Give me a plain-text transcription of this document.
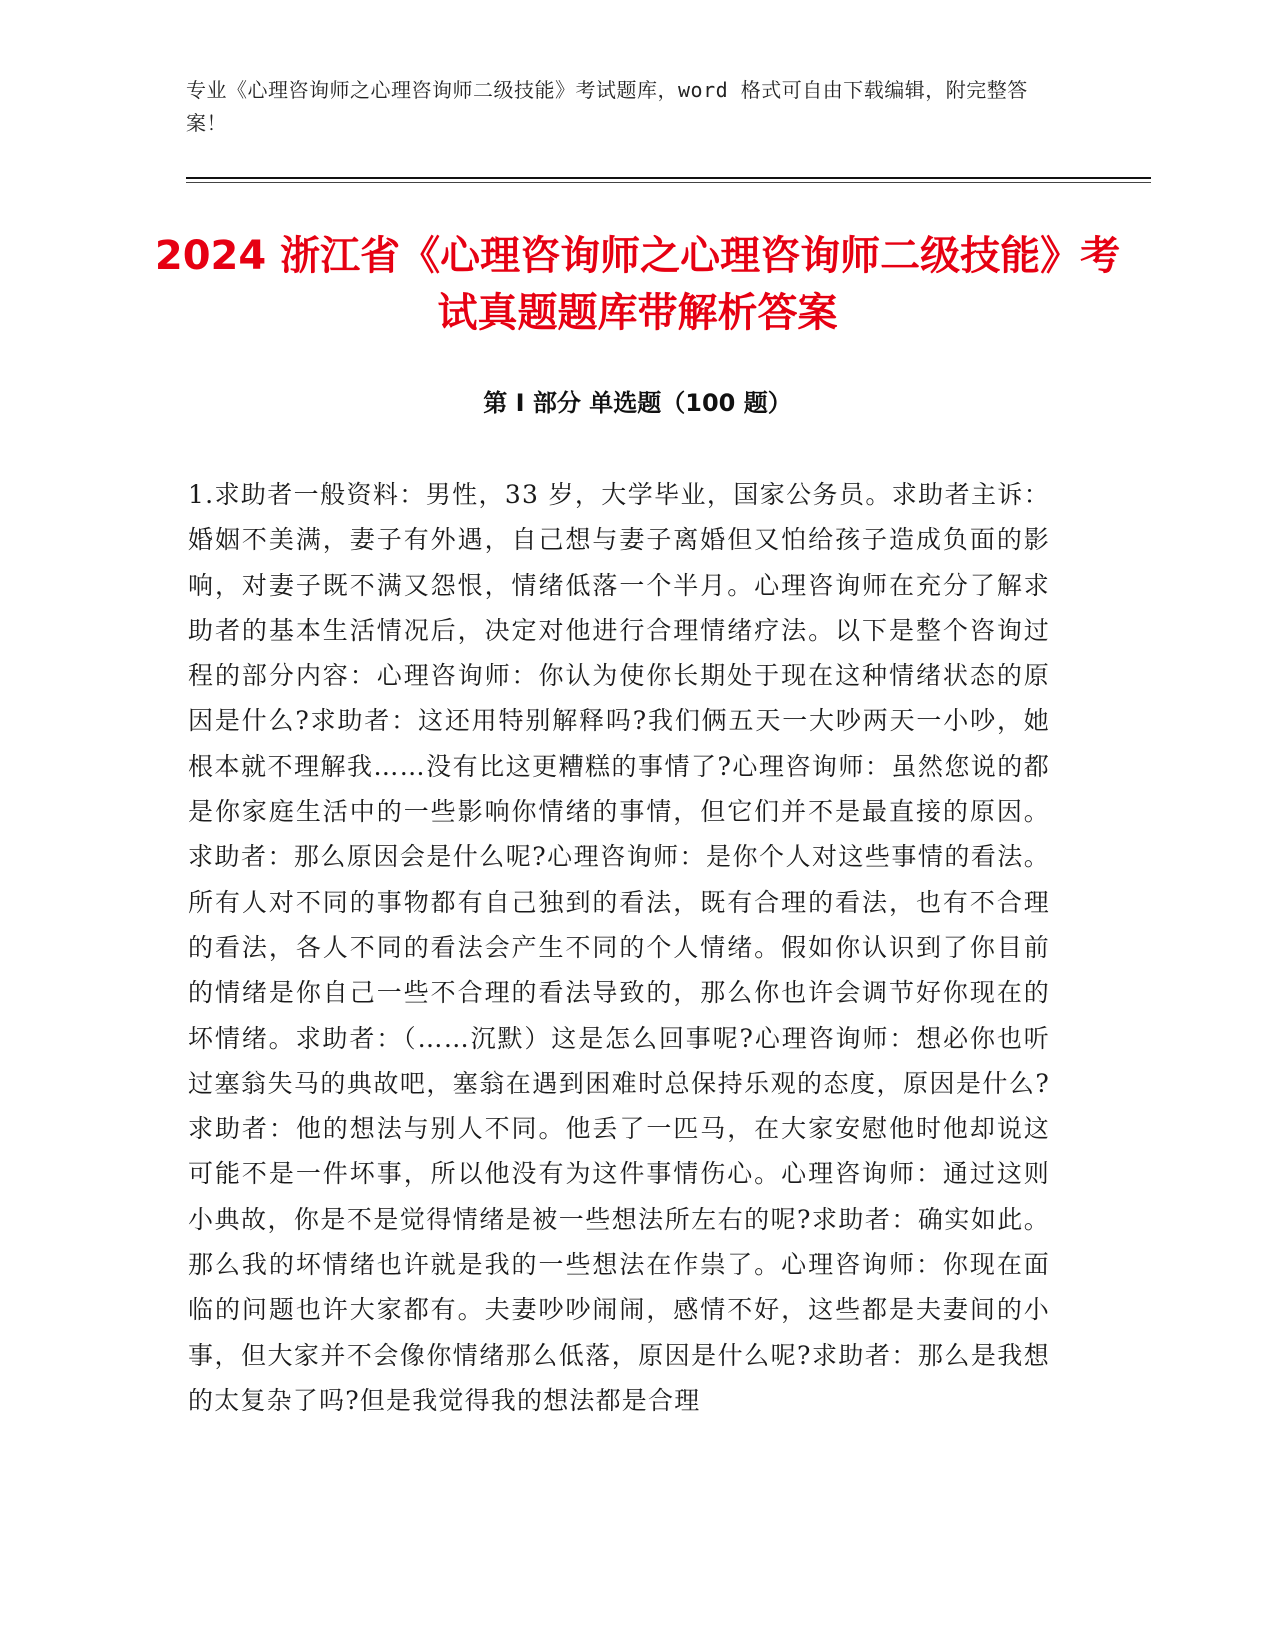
专业《心理咨询师之心理咨询师二级技能》考试题库，word 格式可自由下载编辑，附完整答案！
2024 浙江省《心理咨询师之心理咨询师二级技能》考试真题题库带解析答案
第 I 部分 单选题（100 题）
1.求助者一般资料：男性，33 岁，大学毕业，国家公务员。求助者主诉：婚姻不美满，妻子有外遇，自己想与妻子离婚但又怕给孩子造成负面的影响，对妻子既不满又怨恨，情绪低落一个半月。心理咨询师在充分了解求助者的基本生活情况后，决定对他进行合理情绪疗法。以下是整个咨询过程的部分内容：心理咨询师：你认为使你长期处于现在这种情绪状态的原因是什么?求助者：这还用特别解释吗?我们俩五天一大吵两天一小吵，她根本就不理解我……没有比这更糟糕的事情了?心理咨询师：虽然您说的都是你家庭生活中的一些影响你情绪的事情，但它们并不是最直接的原因。求助者：那么原因会是什么呢?心理咨询师：是你个人对这些事情的看法。所有人对不同的事物都有自己独到的看法，既有合理的看法，也有不合理的看法，各人不同的看法会产生不同的个人情绪。假如你认识到了你目前的情绪是你自己一些不合理的看法导致的，那么你也许会调节好你现在的坏情绪。求助者：（……沉默）这是怎么回事呢?心理咨询师：想必你也听过塞翁失马的典故吧，塞翁在遇到困难时总保持乐观的态度，原因是什么?求助者：他的想法与别人不同。他丢了一匹马，在大家安慰他时他却说这可能不是一件坏事，所以他没有为这件事情伤心。心理咨询师：通过这则小典故，你是不是觉得情绪是被一些想法所左右的呢?求助者：确实如此。那么我的坏情绪也许就是我的一些想法在作祟了。心理咨询师：你现在面临的问题也许大家都有。夫妻吵吵闹闹，感情不好，这些都是夫妻间的小事，但大家并不会像你情绪那么低落，原因是什么呢?求助者：那么是我想的太复杂了吗?但是我觉得我的想法都是合理
